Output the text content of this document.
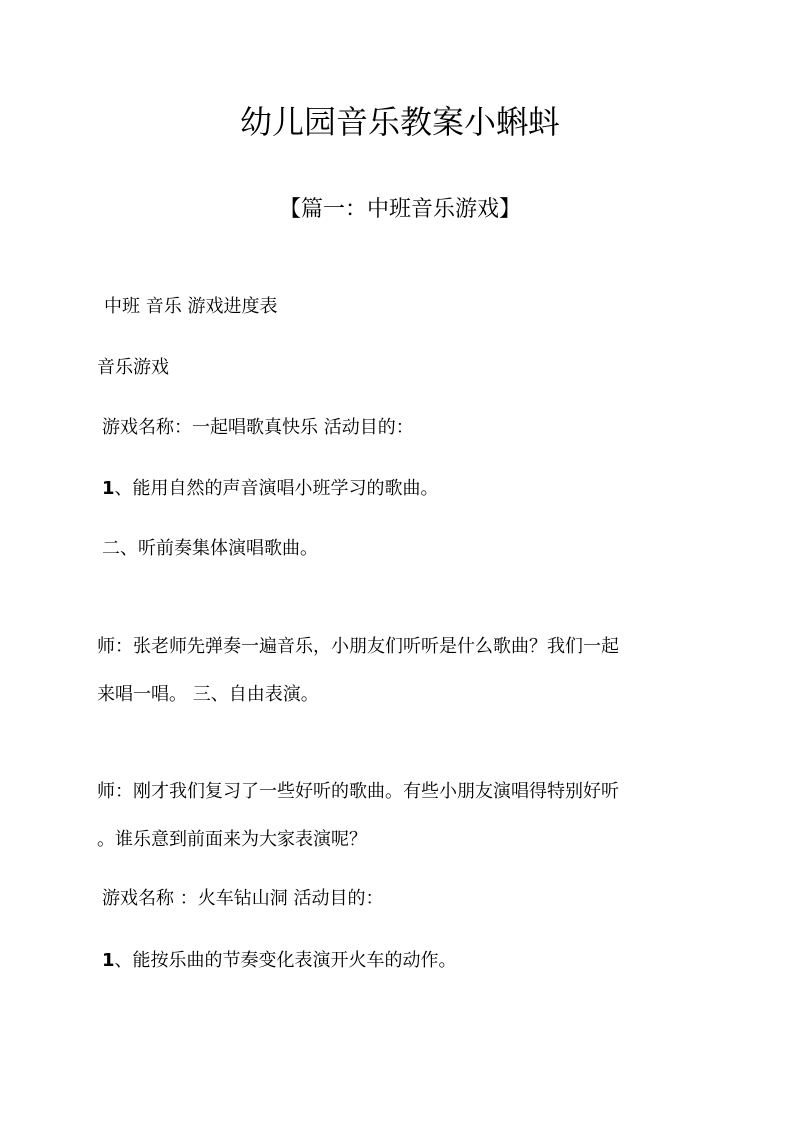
幼儿园音乐教案小蝌蚪
【篇一：中班音乐游戏】

中班 音乐 游戏进度表

音乐游戏

游戏名称：一起唱歌真快乐 活动目的：

1、能用自然的声音演唱小班学习的歌曲。

二、听前奏集体演唱歌曲。

师：张老师先弹奏一遍音乐，小朋友们听听是什么歌曲？我们一起

来唱一唱。 三、自由表演。

师：刚才我们复习了一些好听的歌曲。有些小朋友演唱得特别好听

。谁乐意到前面来为大家表演呢？

游戏名称 ：火车钻山洞 活动目的：

1、能按乐曲的节奏变化表演开火车的动作。
